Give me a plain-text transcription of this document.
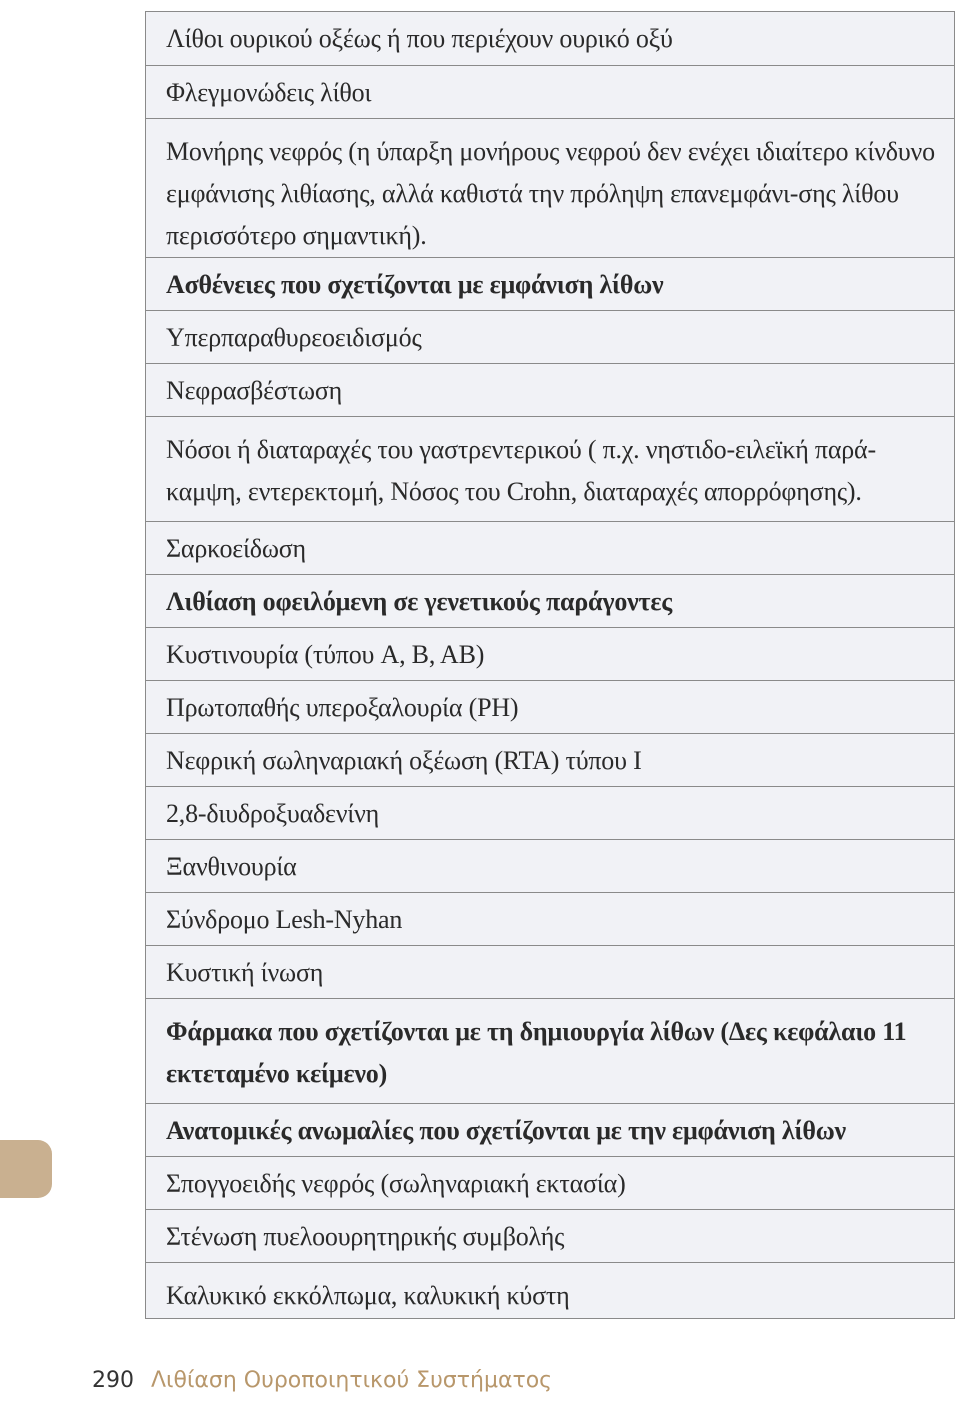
Λίθοι ουρικού οξέως ή που περιέχουν ουρικό οξύ
Φλεγμονώδεις λίθοι
Μονήρης νεφρός (η ύπαρξη μονήρους νεφρού δεν ενέχει ιδιαίτερο κίνδυνο εμφάνισης λιθίασης, αλλά καθιστά την πρόληψη επανεμφάνι-σης λίθου περισσότερο σημαντική).
Ασθένειες που σχετίζονται με εμφάνιση λίθων
Υπερπαραθυρεοειδισμός
Νεφρασβέστωση
Νόσοι ή διαταραχές του γαστρεντερικού ( π.χ. νηστιδο-ειλεϊκή παρά-καμψη, εντερεκτομή, Νόσος του Crohn, διαταραχές απορρόφησης).
Σαρκοείδωση
Λιθίαση οφειλόμενη σε γενετικούς παράγοντες
Κυστινουρία (τύπου A, B, AB)
Πρωτοπαθής υπεροξαλουρία (PH)
Νεφρική σωληναριακή οξέωση (RTA) τύπου I
2,8-διυδροξυαδενίνη
Ξανθινουρία
Σύνδρομο Lesh-Nyhan
Κυστική ίνωση
Φάρμακα που σχετίζονται με τη δημιουργία λίθων (Δες κεφάλαιο 11 εκτεταμένο κείμενο)
Ανατομικές ανωμαλίες που σχετίζονται με την εμφάνιση λίθων
Σπογγοειδής νεφρός (σωληναριακή εκτασία)
Στένωση πυελοουρητηρικής συμβολής
Καλυκικό εκκόλπωμα, καλυκική κύστη
290 Λιθίαση Ουροποιητικού Συστήματος
